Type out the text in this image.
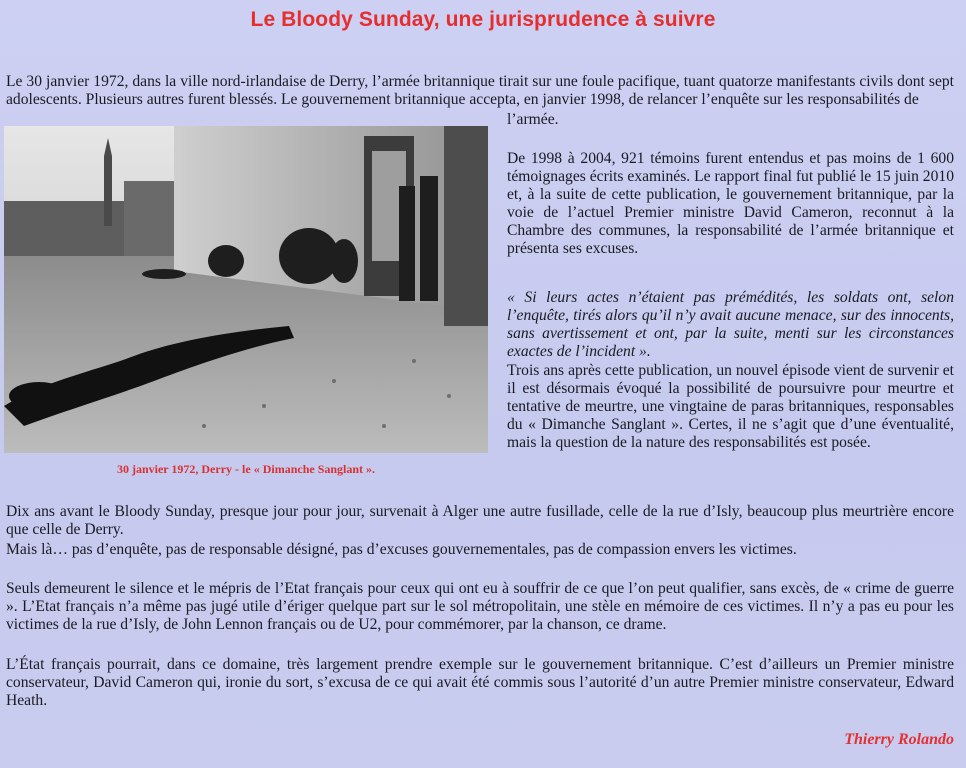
Le Bloody Sunday, une jurisprudence à suivre

Le 30 janvier 1972, dans la ville nord-irlandaise de Derry, l’armée britannique tirait sur une foule pacifique, tuant quatorze manifestants civils dont sept adolescents. Plusieurs autres furent blessés. Le gouvernement britannique accepta, en janvier 1998, de relancer l’enquête sur les responsabilités de

30 janvier 1972, Derry - le « Dimanche Sanglant ».

l’armée.

De 1998 à 2004, 921 témoins furent entendus et pas moins de 1 600 témoignages écrits examinés. Le rapport final fut publié le 15 juin 2010 et, à la suite de cette publication, le gouvernement britannique, par la voie de l’actuel Premier ministre David Cameron, reconnut à la Chambre des communes, la responsabilité de l’armée britannique et présenta ses excuses.

« Si leurs actes n’étaient pas prémédités, les soldats ont, selon l’enquête, tirés alors qu’il n’y avait aucune menace, sur des innocents, sans avertissement et ont, par la suite, menti sur les circonstances exactes de l’incident ».

Trois ans après cette publication, un nouvel épisode vient de survenir et il est désormais évoqué la possibilité de poursuivre pour meurtre et tentative de meurtre, une vingtaine de paras britanniques, responsables du « Dimanche Sanglant ». Certes, il ne s’agit que d’une éventualité, mais la question de la nature des responsabilités est posée.

Dix ans avant le Bloody Sunday, presque jour pour jour, survenait à Alger une autre fusillade, celle de la rue d’Isly, beaucoup plus meurtrière encore que celle de Derry.

Mais là… pas d’enquête, pas de responsable désigné, pas d’excuses gouvernementales, pas de compassion envers les victimes.

Seuls demeurent le silence et le mépris de l’Etat français pour ceux qui ont eu à souffrir de ce que l’on peut qualifier, sans excès, de « crime de guerre ». L’Etat français n’a même pas jugé utile d’ériger quelque part sur le sol métropolitain, une stèle en mémoire de ces victimes. Il n’y a pas eu pour les victimes de la rue d’Isly, de John Lennon français ou de U2, pour commémorer, par la chanson, ce drame.

L’État français pourrait, dans ce domaine, très largement prendre exemple sur le gouvernement britannique. C’est d’ailleurs un Premier ministre conservateur, David Cameron qui, ironie du sort, s’excusa de ce qui avait été commis sous l’autorité d’un autre Premier ministre conservateur, Edward Heath.

Thierry Rolando
